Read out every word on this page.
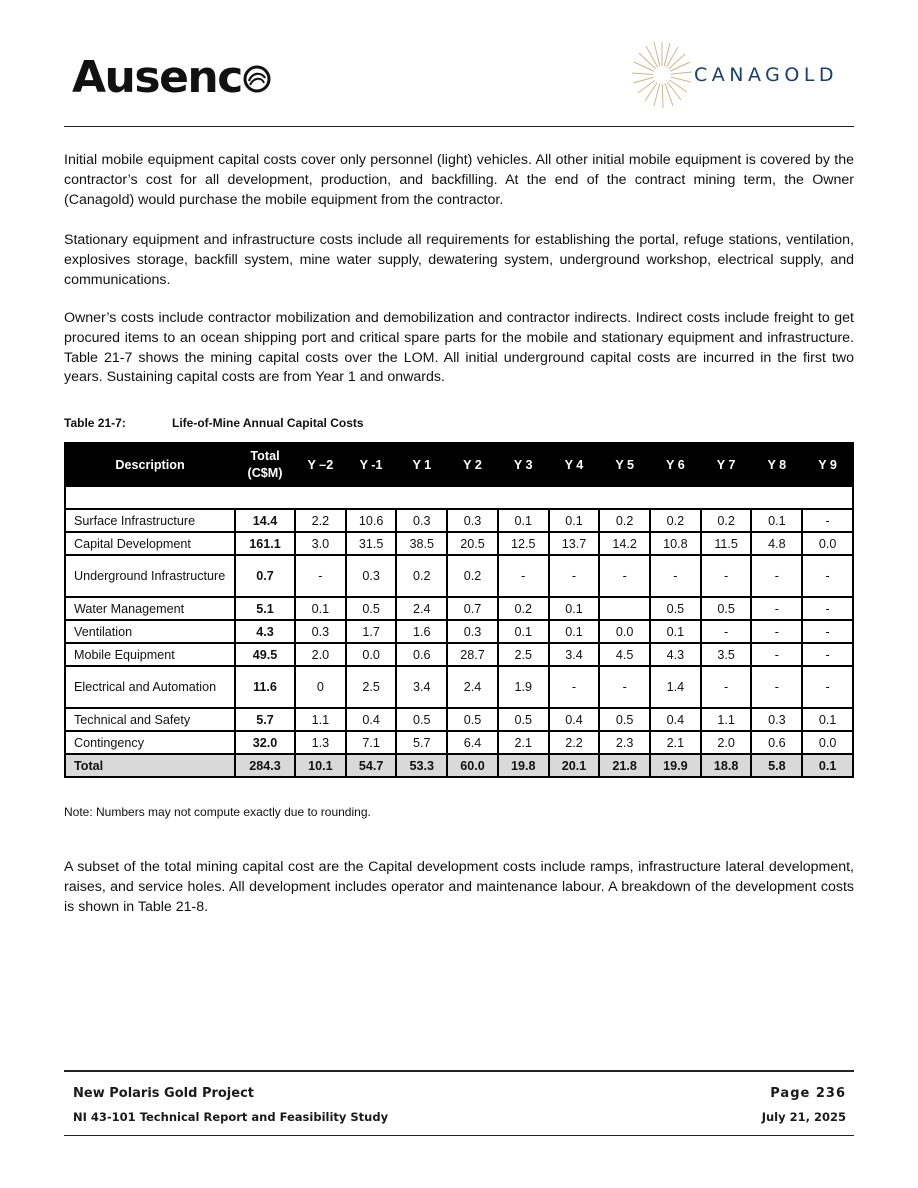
Ausenc	CANAGOLD
Initial mobile equipment capital costs cover only personnel (light) vehicles. All other initial mobile equipment is covered by the contractor’s cost for all development, production, and backfilling. At the end of the contract mining term, the Owner (Canagold) would purchase the mobile equipment from the contractor.
Stationary equipment and infrastructure costs include all requirements for establishing the portal, refuge stations, ventilation, explosives storage, backfill system, mine water supply, dewatering system, underground workshop, electrical supply, and communications.
Owner’s costs include contractor mobilization and demobilization and contractor indirects. Indirect costs include freight to get procured items to an ocean shipping port and critical spare parts for the mobile and stationary equipment and infrastructure. Table 21-7 shows the mining capital costs over the LOM. All initial underground capital costs are incurred in the first two years. Sustaining capital costs are from Year 1 and onwards.
Table 21-7:	Life-of-Mine Annual Capital Costs
Description	Total (C$M)	Y –2	Y -1	Y 1	Y 2	Y 3	Y 4	Y 5	Y 6	Y 7	Y 8	Y 9

Surface Infrastructure	14.4	2.2	10.6	0.3	0.3	0.1	0.1	0.2	0.2	0.2	0.1	-
Capital Development	161.1	3.0	31.5	38.5	20.5	12.5	13.7	14.2	10.8	11.5	4.8	0.0
Underground Infrastructure	0.7	-	0.3	0.2	0.2	-	-	-	-	-	-	-
Water Management	5.1	0.1	0.5	2.4	0.7	0.2	0.1		0.5	0.5	-	-
Ventilation	4.3	0.3	1.7	1.6	0.3	0.1	0.1	0.0	0.1	-	-	-
Mobile Equipment	49.5	2.0	0.0	0.6	28.7	2.5	3.4	4.5	4.3	3.5	-	-
Electrical and Automation	11.6	0	2.5	3.4	2.4	1.9	-	-	1.4	-	-	-
Technical and Safety	5.7	1.1	0.4	0.5	0.5	0.5	0.4	0.5	0.4	1.1	0.3	0.1
Contingency	32.0	1.3	7.1	5.7	6.4	2.1	2.2	2.3	2.1	2.0	0.6	0.0
Total	284.3	10.1	54.7	53.3	60.0	19.8	20.1	21.8	19.9	18.8	5.8	0.1
Note: Numbers may not compute exactly due to rounding.
A subset of the total mining capital cost are the Capital development costs include ramps, infrastructure lateral development, raises, and service holes. All development includes operator and maintenance labour. A breakdown of the development costs is shown in Table 21-8.
New Polaris Gold Project
NI 43-101 Technical Report and Feasibility Study
Page 236
July 21, 2025
